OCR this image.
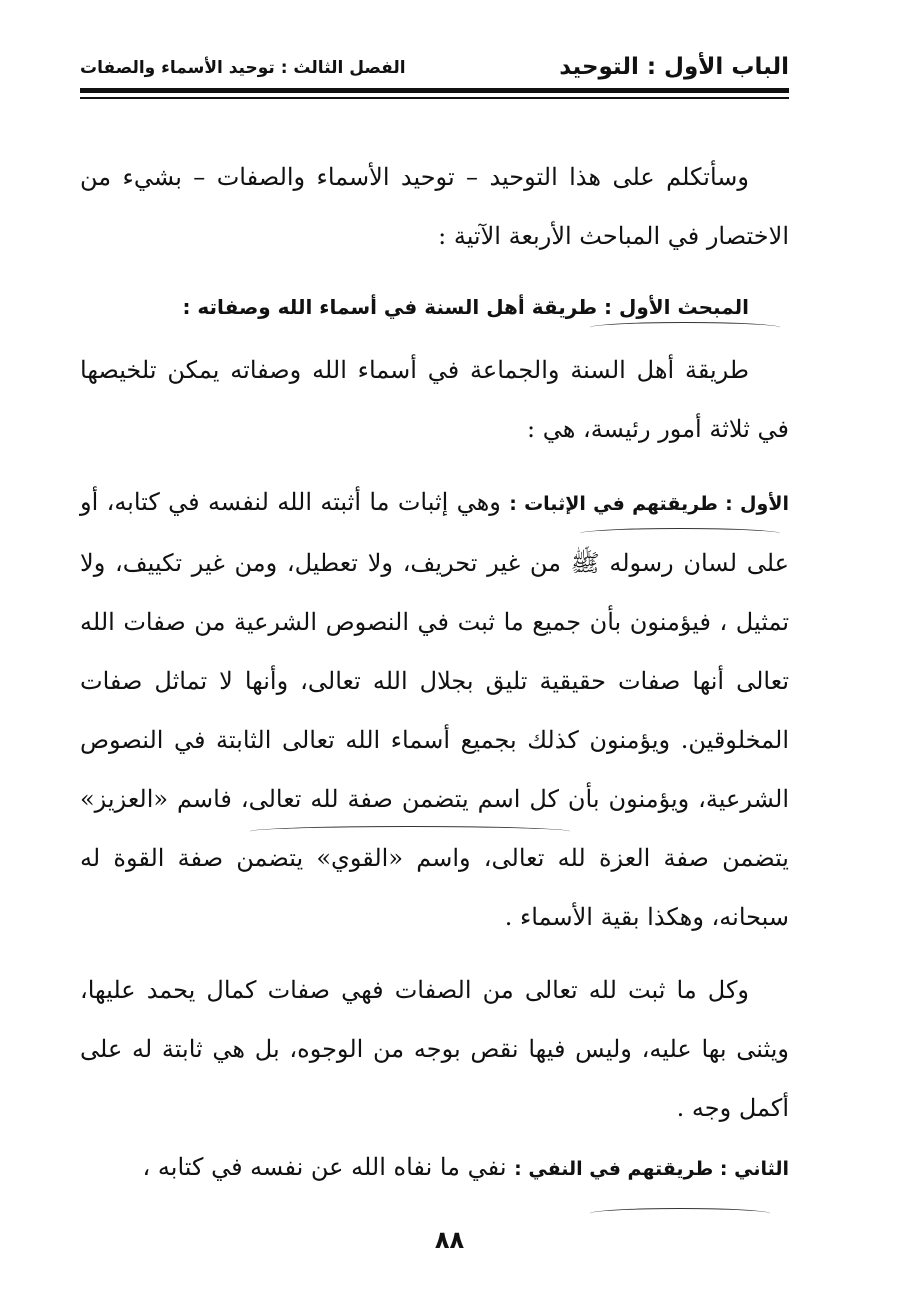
الباب الأول : التوحيد
الفصل الثالث : توحيد الأسماء والصفات

وسأتكلم على هذا التوحيد – توحيد الأسماء والصفات – بشيء من الاختصار في المباحث الأربعة الآتية :

المبحث الأول : طريقة أهل السنة في أسماء الله وصفاته :

طريقة أهل السنة والجماعة في أسماء الله وصفاته يمكن تلخيصها في ثلاثة أمور رئيسة، هي :

الأول : طريقتهم في الإثبات : وهي إثبات ما أثبته الله لنفسه في كتابه، أو على لسان رسوله ﷺ من غير تحريف، ولا تعطيل، ومن غير تكييف، ولا تمثيل ، فيؤمنون بأن جميع ما ثبت في النصوص الشرعية من صفات الله تعالى أنها صفات حقيقية تليق بجلال الله تعالى، وأنها لا تماثل صفات المخلوقين. ويؤمنون كذلك بجميع أسماء الله تعالى الثابتة في النصوص الشرعية، ويؤمنون بأن كل اسم يتضمن صفة لله تعالى، فاسم «العزيز» يتضمن صفة العزة لله تعالى، واسم «القوي» يتضمن صفة القوة له سبحانه، وهكذا بقية الأسماء .

وكل ما ثبت لله تعالى من الصفات فهي صفات كمال يحمد عليها، ويثنى بها عليه، وليس فيها نقص بوجه من الوجوه، بل هي ثابتة له على أكمل وجه .

الثاني : طريقتهم في النفي : نفي ما نفاه الله عن نفسه في كتابه ،

٨٨
